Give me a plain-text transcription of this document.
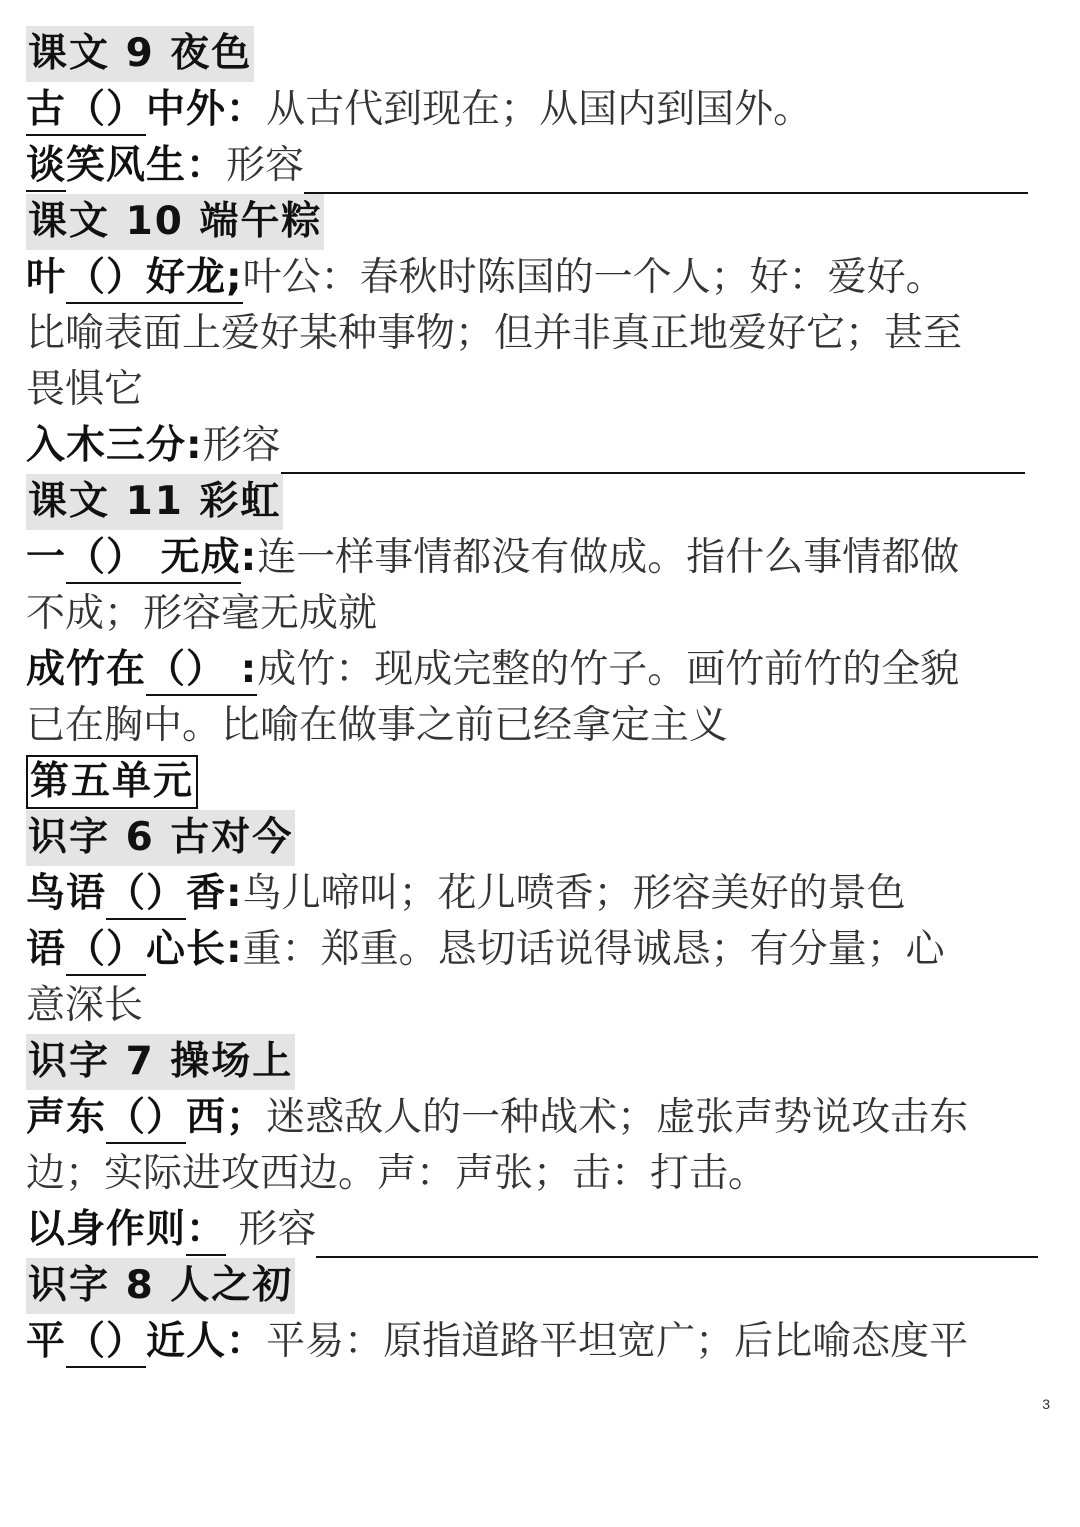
课文 9 夜色
古（）中外：从古代到现在；从国内到国外。
谈笑风生：形容
课文 10 端午粽
叶（）好龙;叶公：春秋时陈国的一个人；好：爱好。
比喻表面上爱好某种事物；但并非真正地爱好它；甚至
畏惧它
入木三分:形容
课文 11 彩虹
一（） 无成:连一样事情都没有做成。指什么事情都做
不成；形容毫无成就
成竹在（） :成竹：现成完整的竹子。画竹前竹的全貌
已在胸中。比喻在做事之前已经拿定主义
第五单元
识字 6 古对今
鸟语（）香:鸟儿啼叫；花儿喷香；形容美好的景色
语（）心长:重：郑重。恳切话说得诚恳；有分量；心
意深长
识字 7 操场上
声东（）西；迷惑敌人的一种战术；虚张声势说攻击东
边；实际进攻西边。声：声张；击：打击。
以身作则： 形容
识字 8 人之初
平（）近人：平易：原指道路平坦宽广；后比喻态度平
3
